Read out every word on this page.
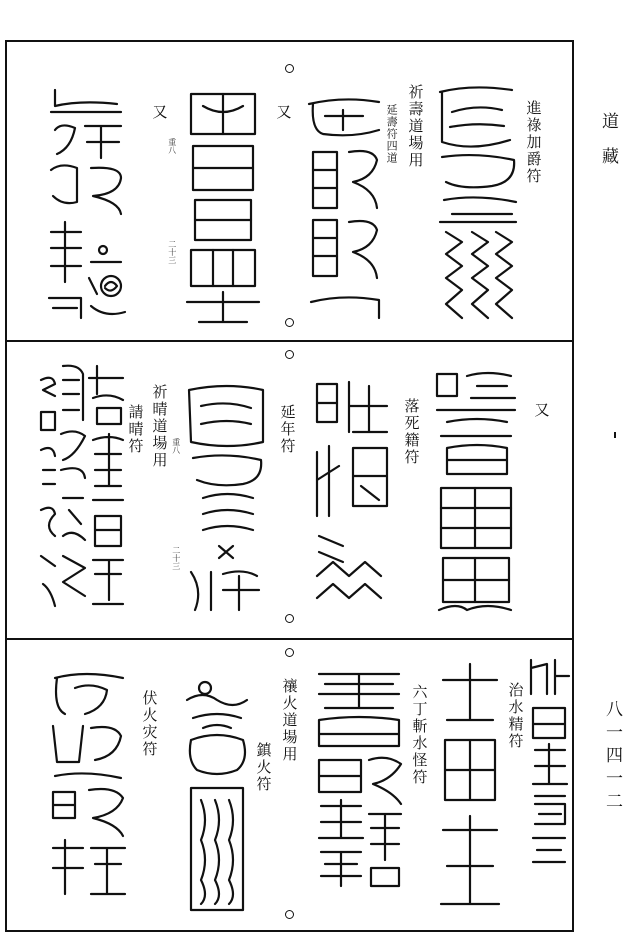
道藏
八一四一二
進祿加爵符
祈壽道場用
延壽符四道
又
重八
二十三
又
又
落死籍符
延年符
重八
二十三
祈晴道場用
請晴符
治水精符
六丁斬水怪符
禳火道場用
鎮火符
伏火灾符
